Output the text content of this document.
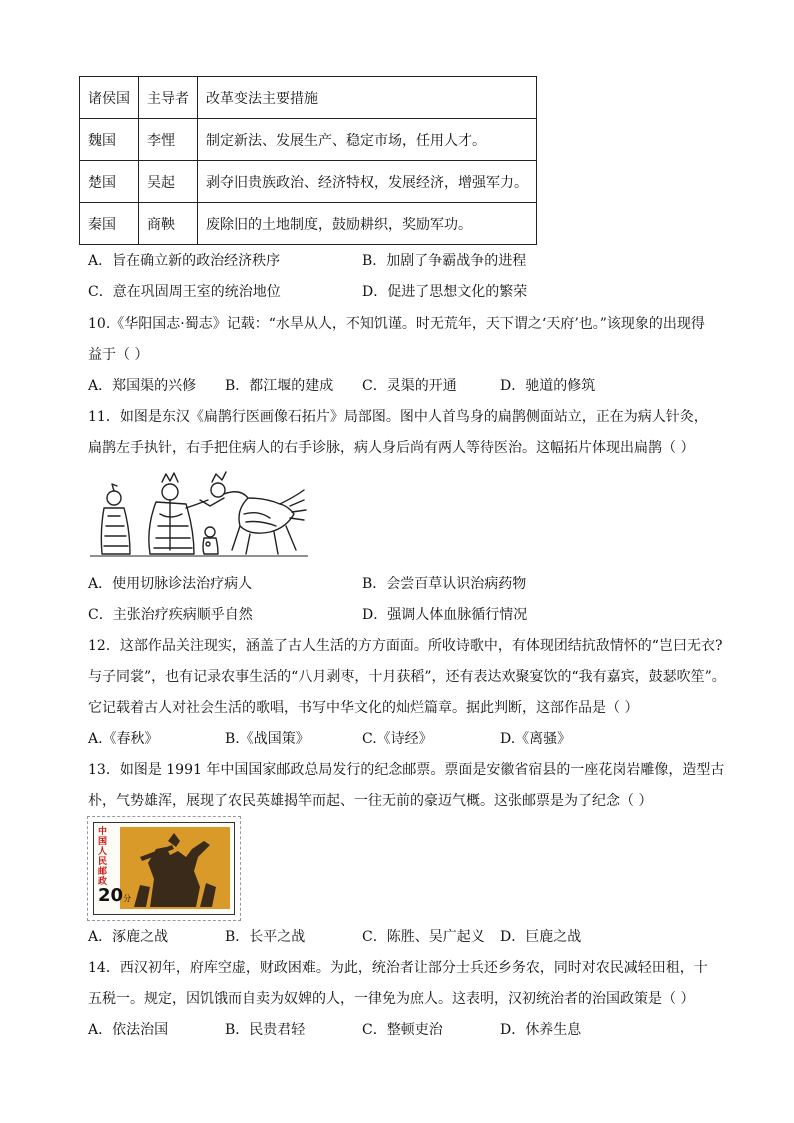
诸侯国	主导者	改革变法主要措施
魏国	李悝	制定新法、发展生产、稳定市场，任用人才。
楚国	吴起	剥夺旧贵族政治、经济特权，发展经济，增强军力。
秦国	商鞅	废除旧的土地制度，鼓励耕织，奖励军功。
A．旨在确立新的政治经济秩序	B．加剧了争霸战争的进程
C．意在巩固周王室的统治地位	D．促进了思想文化的繁荣
10.《华阳国志·蜀志》记载：“水旱从人，不知饥谨。时无荒年，天下谓之‘天府’也。”该现象的出现得
益于（ ）
A．郑国渠的兴修 B．都江堰的建成 C．灵渠的开通	D．驰道的修筑
11．如图是东汉《扁鹊行医画像石拓片》局部图。图中人首鸟身的扁鹊侧面站立，正在为病人针灸，
扁鹊左手执针，右手把住病人的右手诊脉，病人身后尚有两人等待医治。这幅拓片体现出扁鹊（ ）
A．使用切脉诊法治疗病人	B．会尝百草认识治病药物
C．主张治疗疾病顺乎自然	D．强调人体血脉循行情况
12．这部作品关注现实，涵盖了古人生活的方方面面。所收诗歌中，有体现团结抗敌情怀的“岂曰无衣?
与子同裳”，也有记录农事生活的“八月剥枣，十月获稻”，还有表达欢聚宴饮的“我有嘉宾，鼓瑟吹笙”。
它记载着古人对社会生活的歌唱，书写中华文化的灿烂篇章。据此判断，这部作品是（ ）
A.《春秋》	B.《战国策》	C.《诗经》	D.《离骚》
13．如图是 1991 年中国国家邮政总局发行的纪念邮票。票面是安徽省宿县的一座花岗岩雕像，造型古
朴，气势雄浑，展现了农民英雄揭竿而起、一往无前的豪迈气概。这张邮票是为了纪念（ ）
中国人民邮政
20分
A．涿鹿之战	B．长平之战	C．陈胜、吴广起义 D．巨鹿之战
14．西汉初年，府库空虚，财政困难。为此，统治者让部分士兵还乡务农，同时对农民减轻田租，十
五税一。规定，因饥饿而自卖为奴婢的人，一律免为庶人。这表明，汉初统治者的治国政策是（ ）
A．依法治国	B．民贵君轻	C．整顿吏治	D．休养生息
